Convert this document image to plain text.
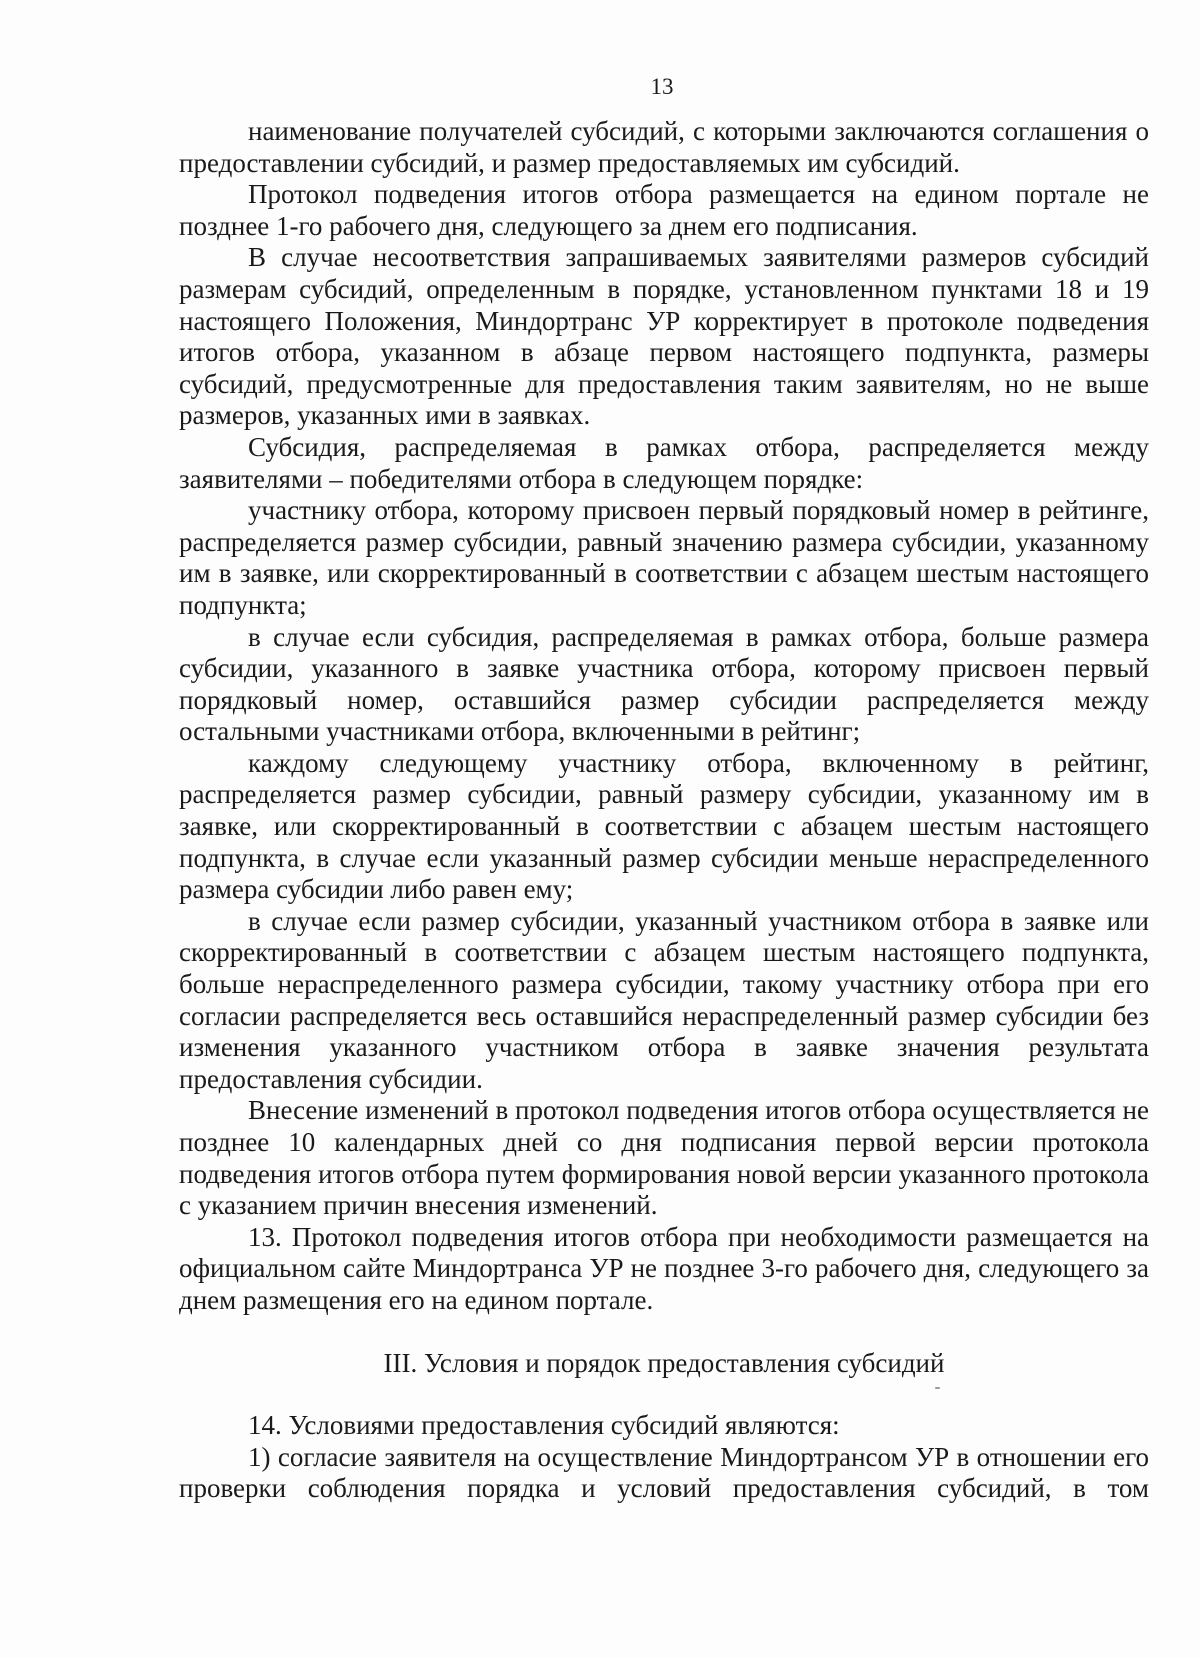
13

наименование получателей субсидий, с которыми заключаются соглашения о предоставлении субсидий, и размер предоставляемых им субсидий.

Протокол подведения итогов отбора размещается на едином портале не позднее 1-го рабочего дня, следующего за днем его подписания.

В случае несоответствия запрашиваемых заявителями размеров субсидий размерам субсидий, определенным в порядке, установленном пунктами 18 и 19 настоящего Положения, Миндортранс УР корректирует в протоколе подведения итогов отбора, указанном в абзаце первом настоящего подпункта, размеры субсидий, предусмотренные для предоставления таким заявителям, но не выше размеров, указанных ими в заявках.

Субсидия, распределяемая в рамках отбора, распределяется между заявителями – победителями отбора в следующем порядке:

участнику отбора, которому присвоен первый порядковый номер в рейтинге, распределяется размер субсидии, равный значению размера субсидии, указанному им в заявке, или скорректированный в соответствии с абзацем шестым настоящего подпункта;

в случае если субсидия, распределяемая в рамках отбора, больше размера субсидии, указанного в заявке участника отбора, которому присвоен первый порядковый номер, оставшийся размер субсидии распределяется между остальными участниками отбора, включенными в рейтинг;

каждому следующему участнику отбора, включенному в рейтинг, распределяется размер субсидии, равный размеру субсидии, указанному им в заявке, или скорректированный в соответствии с абзацем шестым настоящего подпункта, в случае если указанный размер субсидии меньше нераспределенного размера субсидии либо равен ему;

в случае если размер субсидии, указанный участником отбора в заявке или скорректированный в соответствии с абзацем шестым настоящего подпункта, больше нераспределенного размера субсидии, такому участнику отбора при его согласии распределяется весь оставшийся нераспределенный размер субсидии без изменения указанного участником отбора в заявке значения результата предоставления субсидии.

Внесение изменений в протокол подведения итогов отбора осуществляется не позднее 10 календарных дней со дня подписания первой версии протокола подведения итогов отбора путем формирования новой версии указанного протокола с указанием причин внесения изменений.

13. Протокол подведения итогов отбора при необходимости размещается на официальном сайте Миндортранса УР не позднее 3-го рабочего дня, следующего за днем размещения его на едином портале.

III. Условия и порядок предоставления субсидий

14. Условиями предоставления субсидий являются:

1) согласие заявителя на осуществление Миндортрансом УР в отношении его проверки соблюдения порядка и условий предоставления субсидий, в том
